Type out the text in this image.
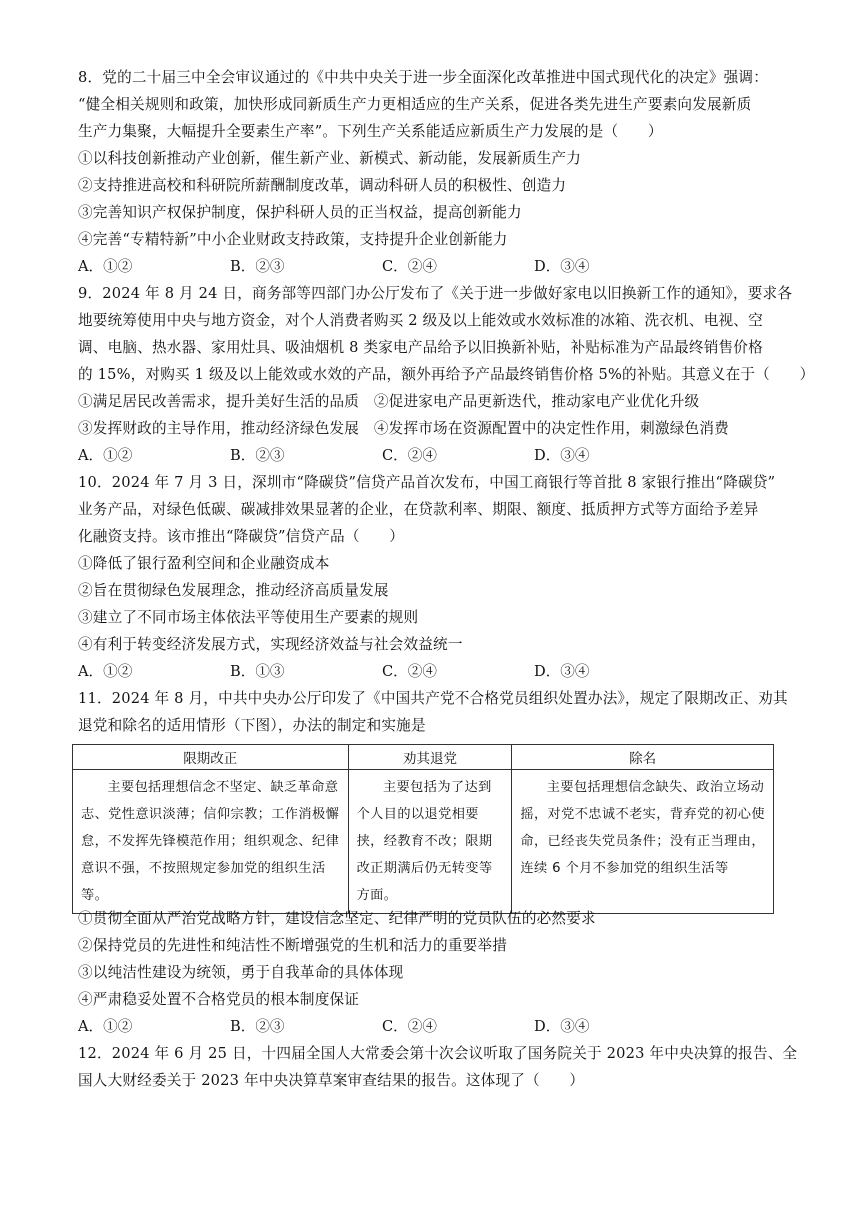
8．党的二十届三中全会审议通过的《中共中央关于进一步全面深化改革推进中国式现代化的决定》强调：
“健全相关规则和政策，加快形成同新质生产力更相适应的生产关系，促进各类先进生产要素向发展新质
生产力集聚，大幅提升全要素生产率”。下列生产关系能适应新质生产力发展的是（　　）
①以科技创新推动产业创新，催生新产业、新模式、新动能，发展新质生产力
②支持推进高校和科研院所薪酬制度改革，调动科研人员的积极性、创造力
③完善知识产权保护制度，保护科研人员的正当权益，提高创新能力
④完善“专精特新”中小企业财政支持政策，支持提升企业创新能力
A．①②	B．②③	C．②④	D．③④
9．2024 年 8 月 24 日，商务部等四部门办公厅发布了《关于进一步做好家电以旧换新工作的通知》，要求各
地要统筹使用中央与地方资金，对个人消费者购买 2 级及以上能效或水效标准的冰箱、洗衣机、电视、空
调、电脑、热水器、家用灶具、吸油烟机 8 类家电产品给予以旧换新补贴，补贴标准为产品最终销售价格
的 15%，对购买 1 级及以上能效或水效的产品，额外再给予产品最终销售价格 5%的补贴。其意义在于（　　）
①满足居民改善需求，提升美好生活的品质　②促进家电产品更新迭代，推动家电产业优化升级
③发挥财政的主导作用，推动经济绿色发展　④发挥市场在资源配置中的决定性作用，刺激绿色消费
A．①②	B．②③	C．②④	D．③④
10．2024 年 7 月 3 日，深圳市“降碳贷”信贷产品首次发布，中国工商银行等首批 8 家银行推出“降碳贷”
业务产品，对绿色低碳、碳减排效果显著的企业，在贷款利率、期限、额度、抵质押方式等方面给予差异
化融资支持。该市推出“降碳贷”信贷产品（　　）
①降低了银行盈利空间和企业融资成本
②旨在贯彻绿色发展理念，推动经济高质量发展
③建立了不同市场主体依法平等使用生产要素的规则
④有利于转变经济发展方式，实现经济效益与社会效益统一
A．①②	B．①③	C．②④	D．③④
11．2024 年 8 月，中共中央办公厅印发了《中国共产党不合格党员组织处置办法》，规定了限期改正、劝其
退党和除名的适用情形（下图），办法的制定和实施是
限期改正	劝其退党	除名
主要包括理想信念不坚定、缺乏革命意志、党性意识淡薄；信仰宗教；工作消极懈怠，不发挥先锋模范作用；组织观念、纪律意识不强，不按照规定参加党的组织生活等。	主要包括为了达到个人目的以退党相要挟，经教育不改；限期改正期满后仍无转变等方面。	主要包括理想信念缺失、政治立场动摇，对党不忠诚不老实，背弃党的初心使命，已经丧失党员条件；没有正当理由，连续 6 个月不参加党的组织生活等
①贯彻全面从严治党战略方针，建设信念坚定、纪律严明的党员队伍的必然要求
②保持党员的先进性和纯洁性不断增强党的生机和活力的重要举措
③以纯洁性建设为统领，勇于自我革命的具体体现
④严肃稳妥处置不合格党员的根本制度保证
A．①②	B．②③	C．②④	D．③④
12．2024 年 6 月 25 日，十四届全国人大常委会第十次会议听取了国务院关于 2023 年中央决算的报告、全
国人大财经委关于 2023 年中央决算草案审查结果的报告。这体现了（　　）
